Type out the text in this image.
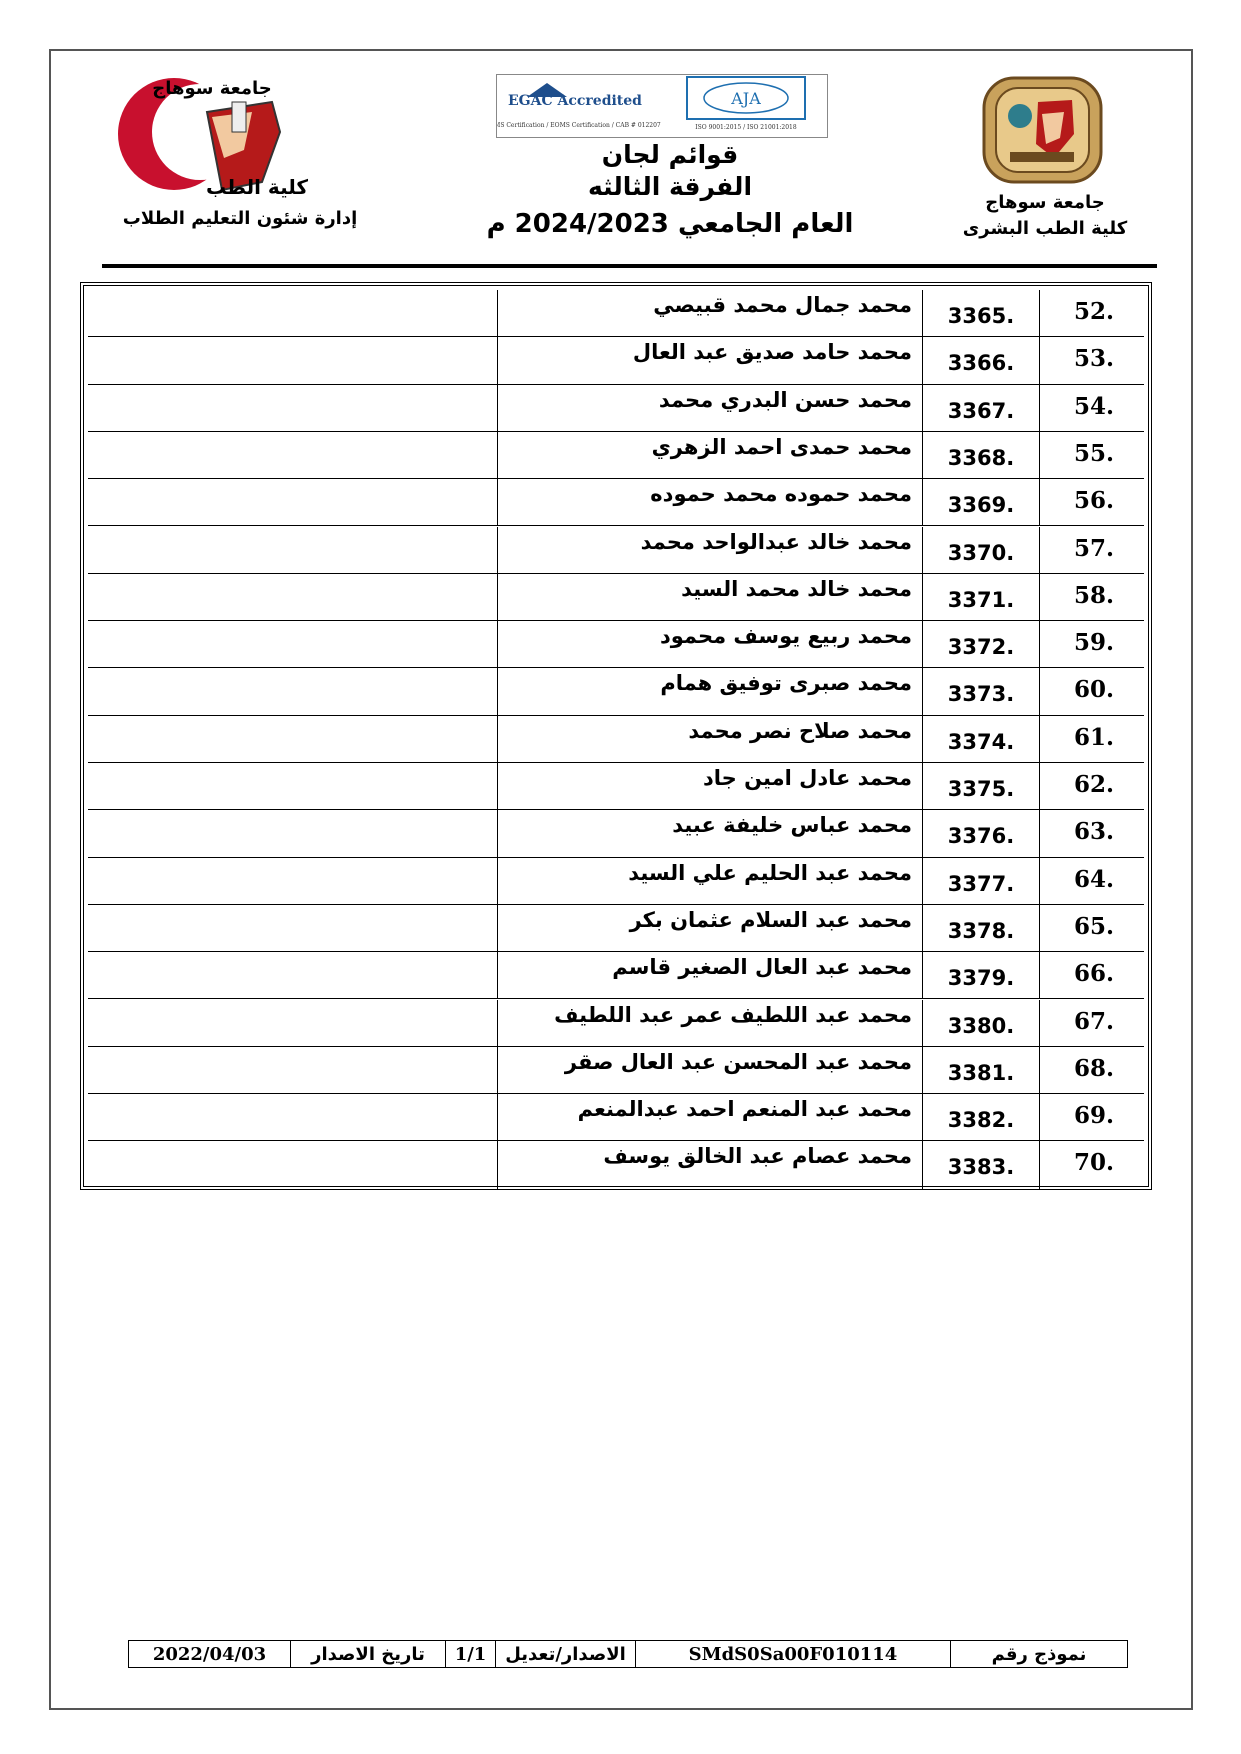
جامعة سوهاج
كلية الطب
إدارة شئون التعليم الطلاب
EGAC Accredited
QMS Certification / EOMS Certification / CAB # 012207
AJA
ISO 9001:2015 / ISO 21001:2018
قوائم لجان
الفرقة الثالثه
العام الجامعي 2024/2023 م
جامعة سوهاج
كلية الطب البشرى
محمد جمال محمد قبيصي	3365.	.52
محمد حامد صديق عبد العال	3366.	.53
محمد حسن البدري محمد	3367.	.54
محمد حمدى احمد الزهري	3368.	.55
محمد حموده محمد حموده	3369.	.56
محمد خالد عبدالواحد محمد	3370.	.57
محمد خالد محمد السيد	3371.	.58
محمد ربيع يوسف محمود	3372.	.59
محمد صبرى توفيق همام	3373.	.60
محمد صلاح نصر محمد	3374.	.61
محمد عادل امين جاد	3375.	.62
محمد عباس خليفة عبيد	3376.	.63
محمد عبد الحليم علي السيد	3377.	.64
محمد عبد السلام عثمان بكر	3378.	.65
محمد عبد العال الصغير قاسم	3379.	.66
محمد عبد اللطيف عمر عبد اللطيف	3380.	.67
محمد عبد المحسن عبد العال صقر	3381.	.68
محمد عبد المنعم احمد عبدالمنعم	3382.	.69
محمد عصام عبد الخالق يوسف	3383.	.70
2022/04/03	تاريخ الاصدار	1/1	الاصدار/تعديل	SMdS0Sa00F010114	نموذج رقم
